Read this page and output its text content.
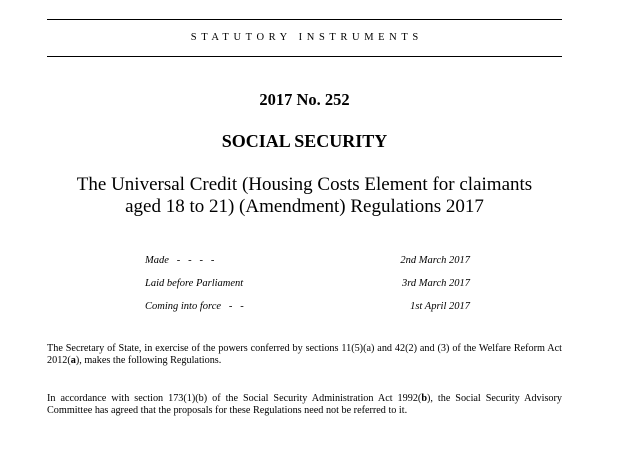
STATUTORY INSTRUMENTS
2017 No. 252
SOCIAL SECURITY
The Universal Credit (Housing Costs Element for claimants
aged 18 to 21) (Amendment) Regulations 2017
Made   -   -   -   -	2nd March 2017
Laid before Parliament	3rd March 2017
Coming into force   -   -	1st April 2017
The Secretary of State, in exercise of the powers conferred by sections 11(5)(a) and 42(2) and (3) of the Welfare Reform Act 2012(a), makes the following Regulations.
In accordance with section 173(1)(b) of the Social Security Administration Act 1992(b), the Social Security Advisory Committee has agreed that the proposals for these Regulations need not be referred to it.
